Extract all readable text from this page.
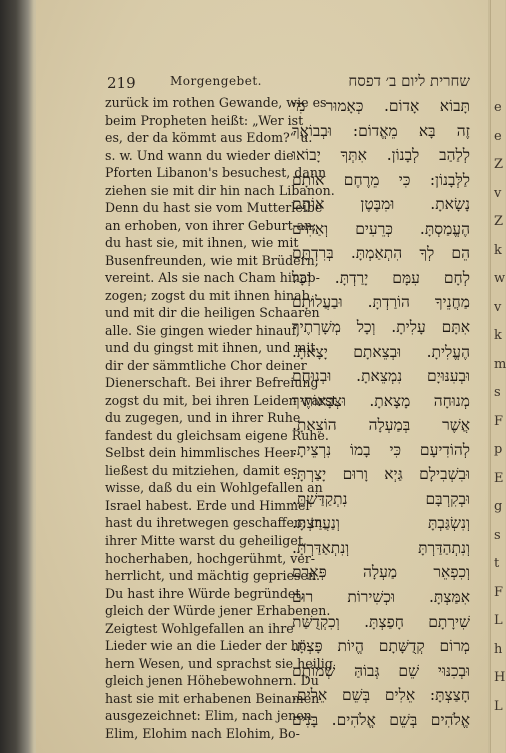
219	Morgengebet.	שחרית ליום ב׳ דפסח
zurück im rothen Gewande, wie es
beim Propheten heißt: „Wer ist
es, der da kömmt aus Edom?“ u.
s. w. Und wann du wieder die
Pforten Libanon's besuchest, dann
ziehen sie mit dir hin nach Libanon.
Denn du hast sie vom Mutterleibe
an erhoben, von ihrer Geburt an;
du hast sie, mit ihnen, wie mit
Busenfreunden, wie mit Brüdern,
vereint. Als sie nach Cham hinab-
zogen; zogst du mit ihnen hinab,
und mit dir die heiligen Schaaren
alle. Sie gingen wieder hinauf,
und du gingst mit ihnen, und mit
dir der sämmtliche Chor deiner
Dienerschaft. Bei ihrer Befreiung
zogst du mit, bei ihren Leiden warst
du zugegen, und in ihrer Ruhe
fandest du gleichsam eigene Ruhe.
Selbst dein himmlisches Heer
ließest du mitziehen, damit es
wisse, daß du ein Wohlgefallen an
Israel habest. Erde und Himmel
hast du ihretwegen geschaffen; in
ihrer Mitte warst du geheiliget,
hocherhaben, hochgerühmt, ver-
herrlicht, und mächtig gepriesen.
Du hast ihre Würde begründet,
gleich der Würde jener Erhabenen.
Zeigtest Wohlgefallen an ihre
Lieder wie an die Lieder der hö-
hern Wesen, und sprachst sie heilig
gleich jenen Höhebewohnern. Du
hast sie mit erhabenen Beinamen
ausgezeichnet: Elim, nach jenen
Elim, Elohim nach Elohim, Bo-
תָּבוֹא אָדוֹם. כְּאָמוּר מִי
זֶה בָּא מֵאֱדוֹם: וּבְבוֹאֲךָ
לְלַהַב לְבָנוֹן. אִתְּךָ יָבוֹאוּ
לַלְּבָנוֹן: כִּי מֵרֶחֶם אוֹתָם
נָשָׂאתָ. וּמִבֶּטֶן אוֹתָם
הֶעֱמַסְתָּ. כְּרֵעִים וְאַחִים
הֵם לְךָ הִתְאַמְתָּ. בְּרִדְתָּם
לְחָם עִמָּם יָרַדְתָּ. וְכָל
מַחֲנֵיךָ הוֹרַדְתָּ. וּבַעֲלוֹתָם
אִתָּם עָלִיתָ. וְכָל מְשָׁרְתֶיךָ
הֶעֱלִיתָ. וּבְצֵאתָם יָצָאתָ.
וּבְעִנּוּיָם נִמְצֵאתָ. וּבְנוּחָם
מְנוּחָה מָצָאתָ. וּצְבָאוֹתֶיךָ
אֲשֶׁר בְּמַעְלָה הוֹצֵאתָ.
לְהוֹדִיעָם כִּי בָמוֹ נִרְצֵיתָ.
וּבִשְׁבִילָם גַּיְא וָרוּם יָצַרְתָּ.
וּבְקִרְבָּם נִתְקַדַּשְׁתָּ.
וְנִשְׂגַּבְתָּ וְנַעֲרַצְתָּ.
וְנִתְהַדַּרְתָּ וְנִתְאַדַּרְתָּ.
וְכִפְאֵר מַעְלָה פְּאֵרָם
אִמַּצְתָּ. וּכְשִׁירוֹת רוּם
שִׁירָתָם חָפַצְתָּ. וְכִקְדֻשַּׁת
מְרוֹם קְדֻשָּׁתָם הֱיוֹת פָּצְתָּ.
וּבְכִנּוּי שֵׁם גְּבוֹהַּ שְׁמוֹתָם
חָצַצְתָּ: אֵלִים בְּשֵׁם אֵלִים.
אֱלֹהִים בְּשֵׁם אֱלֹהִים. בָּנִים
e
e
Z
v
Z
k
w
v
k
m
s
F
p
E
g
s
t
F
L
h
H
L
